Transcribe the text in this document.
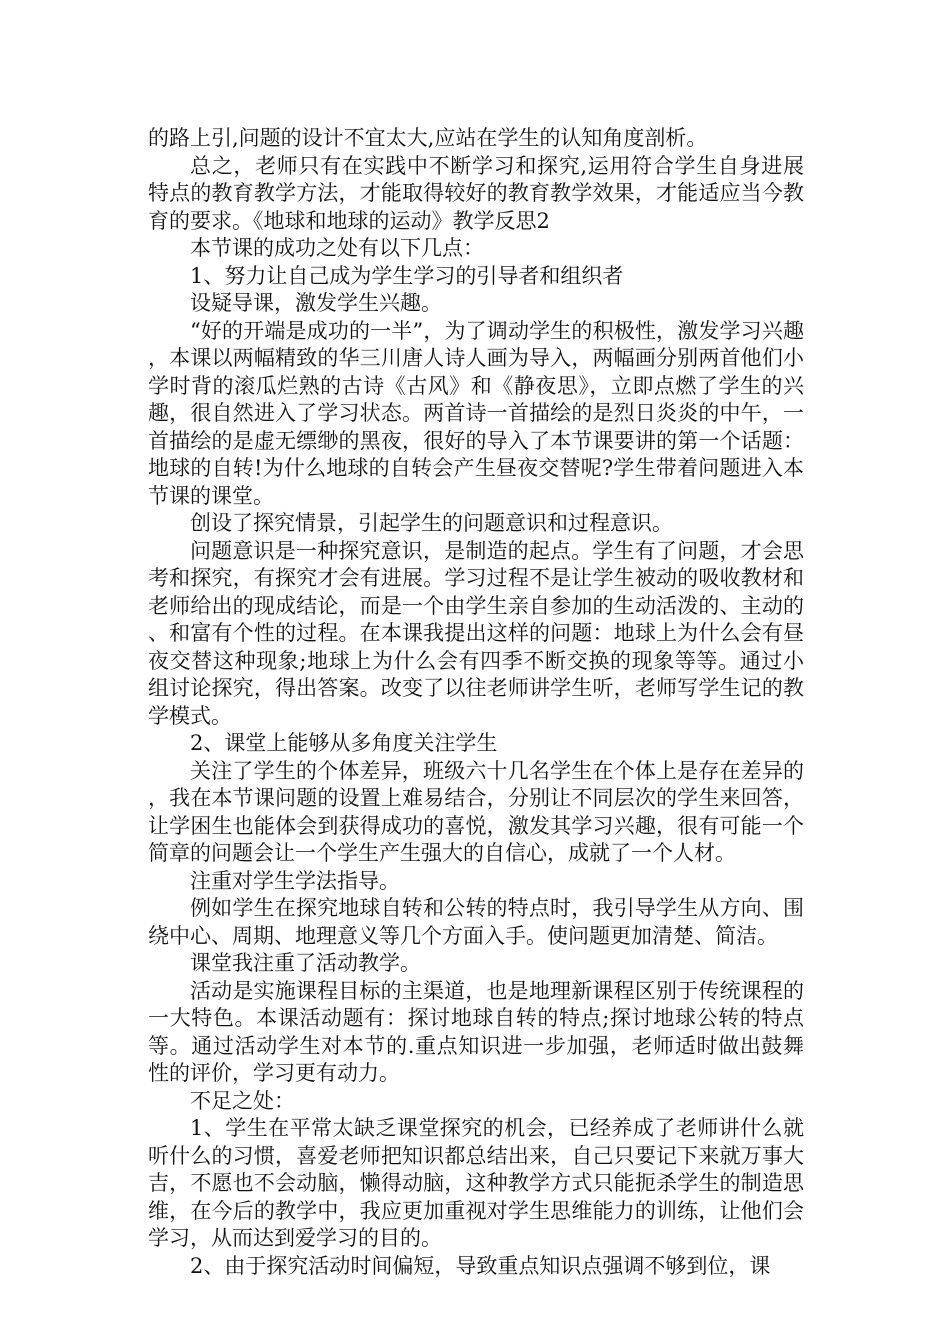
的路上引,问题的设计不宜太大,应站在学生的认知角度剖析。

总之，老师只有在实践中不断学习和探究,运用符合学生自身进展特点的教育教学方法，才能取得较好的教育教学效果，才能适应当今教育的要求。《地球和地球的运动》教学反思2

本节课的成功之处有以下几点：

1、努力让自己成为学生学习的引导者和组织者

设疑导课，激发学生兴趣。

“好的开端是成功的一半”，为了调动学生的积极性，激发学习兴趣，本课以两幅精致的华三川唐人诗人画为导入，两幅画分别两首他们小学时背的滚瓜烂熟的古诗《古风》和《静夜思》，立即点燃了学生的兴趣，很自然进入了学习状态。两首诗一首描绘的是烈日炎炎的中午，一首描绘的是虚无缥缈的黑夜，很好的导入了本节课要讲的第一个话题：地球的自转!为什么地球的自转会产生昼夜交替呢?学生带着问题进入本节课的课堂。

创设了探究情景，引起学生的问题意识和过程意识。

问题意识是一种探究意识，是制造的起点。学生有了问题，才会思考和探究，有探究才会有进展。学习过程不是让学生被动的吸收教材和老师给出的现成结论，而是一个由学生亲自参加的生动活泼的、主动的、和富有个性的过程。在本课我提出这样的问题：地球上为什么会有昼夜交替这种现象;地球上为什么会有四季不断交换的现象等等。通过小组讨论探究，得出答案。改变了以往老师讲学生听，老师写学生记的教学模式。

2、课堂上能够从多角度关注学生

关注了学生的个体差异，班级六十几名学生在个体上是存在差异的，我在本节课问题的设置上难易结合，分别让不同层次的学生来回答，让学困生也能体会到获得成功的喜悦，激发其学习兴趣，很有可能一个简章的问题会让一个学生产生强大的自信心，成就了一个人材。

注重对学生学法指导。

例如学生在探究地球自转和公转的特点时，我引导学生从方向、围绕中心、周期、地理意义等几个方面入手。使问题更加清楚、简洁。

课堂我注重了活动教学。

活动是实施课程目标的主渠道，也是地理新课程区别于传统课程的一大特色。本课活动题有：探讨地球自转的特点;探讨地球公转的特点等。通过活动学生对本节的.重点知识进一步加强，老师适时做出鼓舞性的评价，学习更有动力。

不足之处：

1、学生在平常太缺乏课堂探究的机会，已经养成了老师讲什么就听什么的习惯，喜爱老师把知识都总结出来，自己只要记下来就万事大吉，不愿也不会动脑，懒得动脑，这种教学方式只能扼杀学生的制造思维，在今后的教学中，我应更加重视对学生思维能力的训练，让他们会学习，从而达到爱学习的目的。

2、由于探究活动时间偏短，导致重点知识点强调不够到位，课
